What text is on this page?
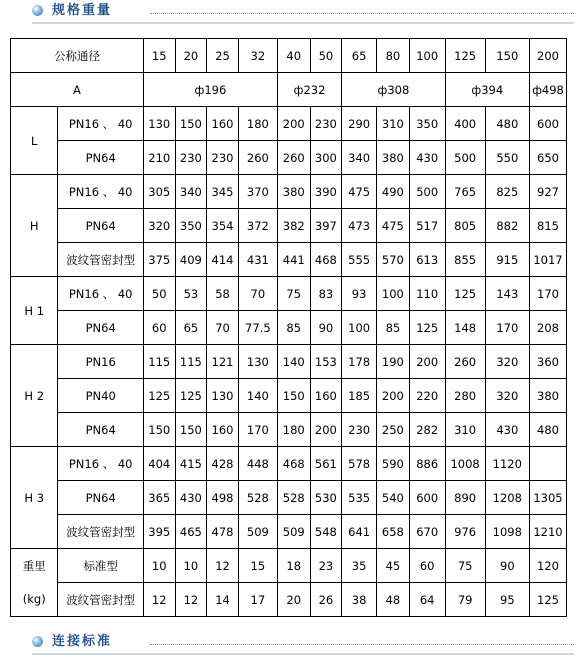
规格重量
公称通径		15	20	25	32	40	50	65	80	100	125	150	200
A		ф196				ф232		ф308			ф394		ф498
L	PN16 、 40	130	150	160	180	200	230	290	310	350	400	480	600
	PN64	210	230	230	260	260	300	340	380	430	500	550	650
H	PN16 、 40	305	340	345	370	380	390	475	490	500	765	825	927
	PN64	320	350	354	372	382	397	473	475	517	805	882	815
	波纹管密封型	375	409	414	431	441	468	555	570	613	855	915	1017
H 1	PN16 、 40	50	53	58	70	75	83	93	100	110	125	143	170
	PN64	60	65	70	77.5	85	90	100	85	125	148	170	208
H 2	PN16	115	115	121	130	140	153	178	190	200	260	320	360
	PN40	125	125	130	140	150	160	185	200	220	280	320	380
	PN64	150	150	160	170	180	200	230	250	282	310	430	480
H 3	PN16 、 40	404	415	428	448	468	561	578	590	886	1008	1120	
	PN64	365	430	498	528	528	530	535	540	600	890	1208	1305
	波纹管密封型	395	465	478	509	509	548	641	658	670	976	1098	1210
重里	标准型	10	10	12	15	18	23	35	45	60	75	90	120
(kg)	波纹管密封型	12	12	14	17	20	26	38	48	64	79	95	125
连接标准
